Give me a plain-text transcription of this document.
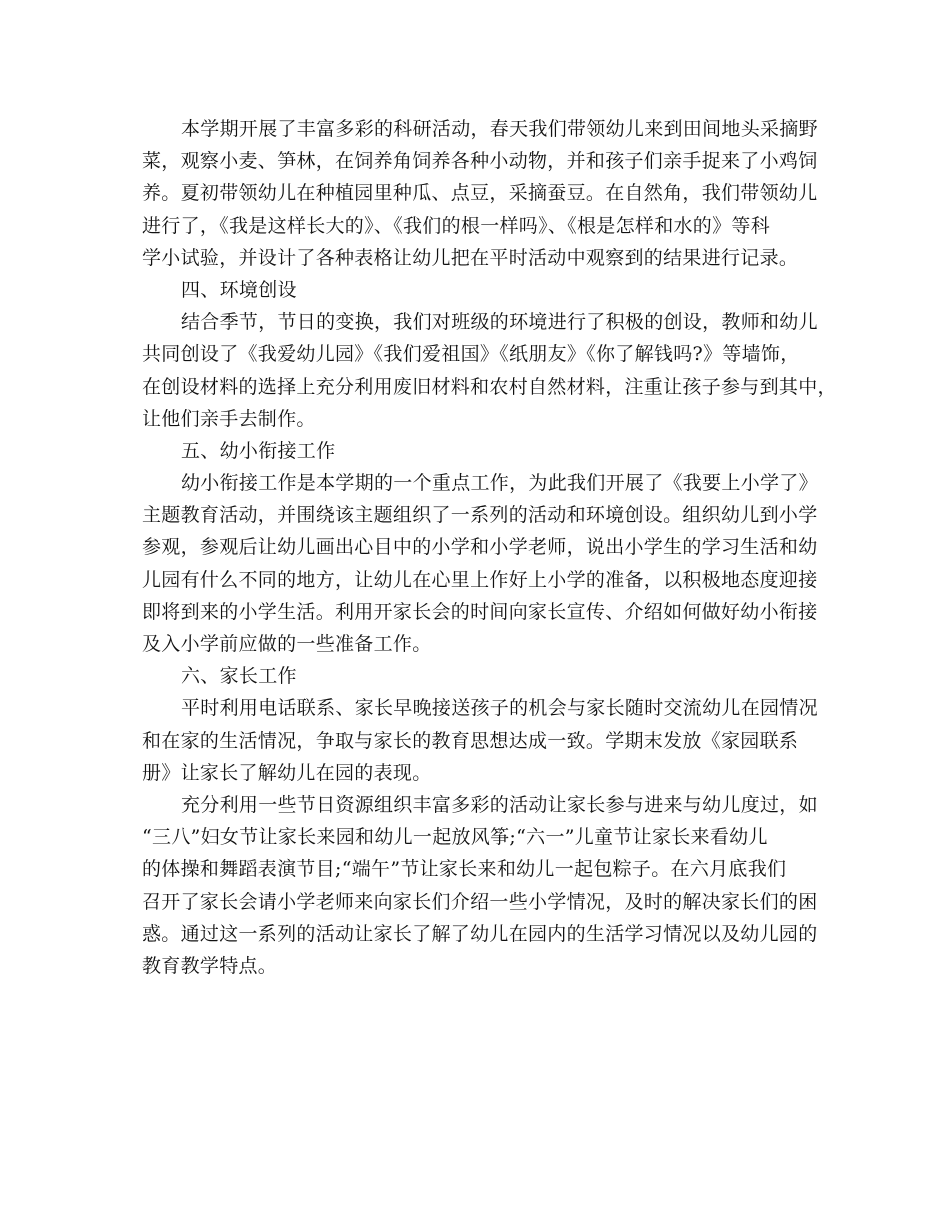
本学期开展了丰富多彩的科研活动，春天我们带领幼儿来到田间地头采摘野
菜，观察小麦、笋林，在饲养角饲养各种小动物，并和孩子们亲手捉来了小鸡饲
养。夏初带领幼儿在种植园里种瓜、点豆，采摘蚕豆。在自然角，我们带领幼儿
进行了，《我是这样长大的》、《我们的根一样吗》、《根是怎样和水的》等科
学小试验，并设计了各种表格让幼儿把在平时活动中观察到的结果进行记录。
四、环境创设
结合季节，节日的变换，我们对班级的环境进行了积极的创设，教师和幼儿
共同创设了《我爱幼儿园》《我们爱祖国》《纸朋友》《你了解钱吗?》等墙饰，
在创设材料的选择上充分利用废旧材料和农村自然材料，注重让孩子参与到其中，
让他们亲手去制作。
五、幼小衔接工作
幼小衔接工作是本学期的一个重点工作，为此我们开展了《我要上小学了》
主题教育活动，并围绕该主题组织了一系列的活动和环境创设。组织幼儿到小学
参观，参观后让幼儿画出心目中的小学和小学老师，说出小学生的学习生活和幼
儿园有什么不同的地方，让幼儿在心里上作好上小学的准备，以积极地态度迎接
即将到来的小学生活。利用开家长会的时间向家长宣传、介绍如何做好幼小衔接
及入小学前应做的一些准备工作。
六、家长工作
平时利用电话联系、家长早晚接送孩子的机会与家长随时交流幼儿在园情况
和在家的生活情况，争取与家长的教育思想达成一致。学期末发放《家园联系
册》让家长了解幼儿在园的表现。
充分利用一些节日资源组织丰富多彩的活动让家长参与进来与幼儿度过，如
“三八”妇女节让家长来园和幼儿一起放风筝;“六一”儿童节让家长来看幼儿
的体操和舞蹈表演节目;“端午”节让家长来和幼儿一起包粽子。在六月底我们
召开了家长会请小学老师来向家长们介绍一些小学情况，及时的解决家长们的困
惑。通过这一系列的活动让家长了解了幼儿在园内的生活学习情况以及幼儿园的
教育教学特点。
